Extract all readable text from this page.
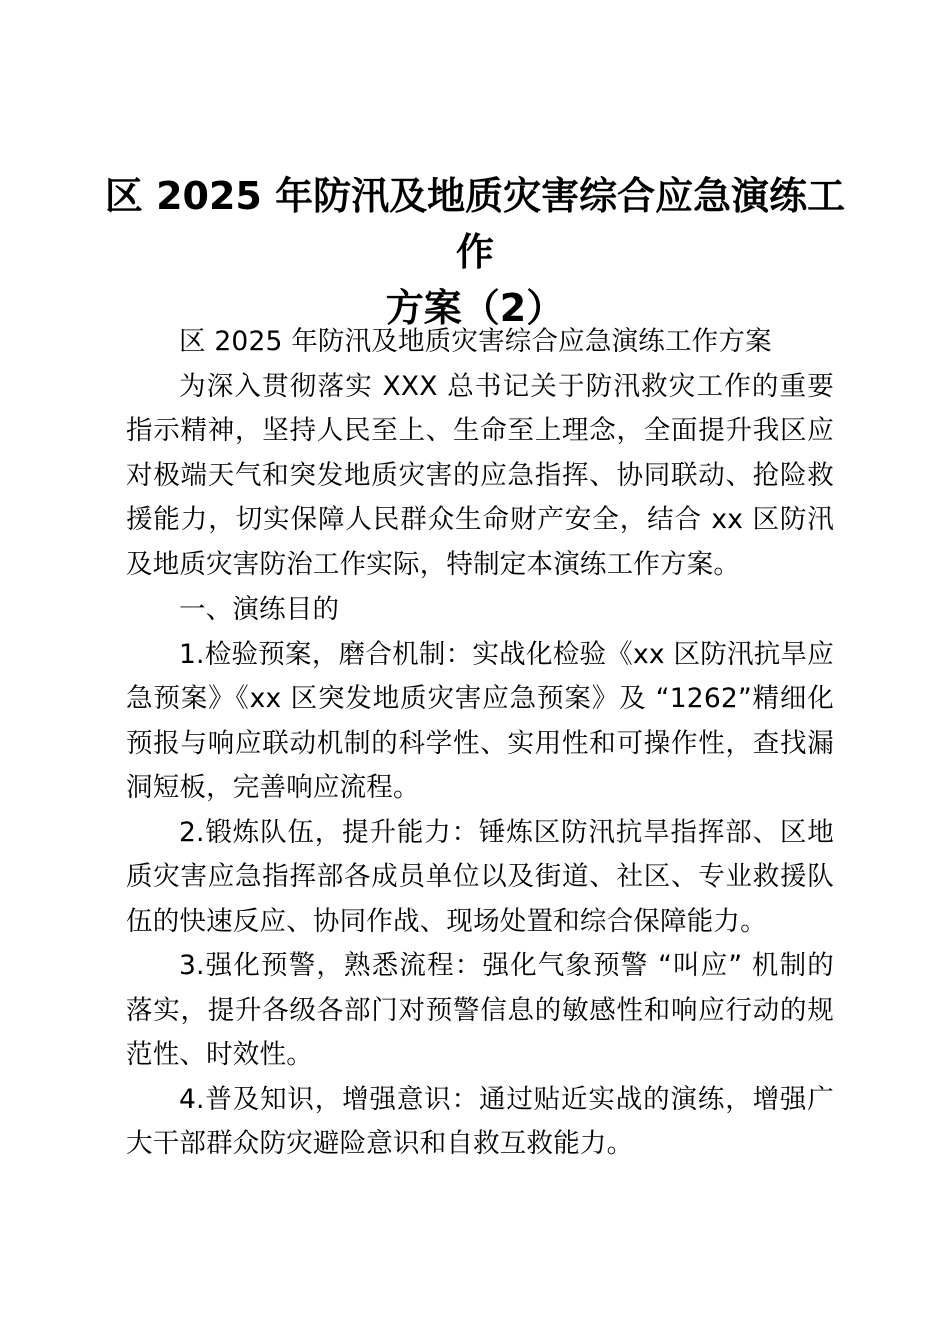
区 2025 年防汛及地质灾害综合应急演练工作
方案（2）

区 2025 年防汛及地质灾害综合应急演练工作方案

为深入贯彻落实 XXX 总书记关于防汛救灾工作的重要指示精神，坚持人民至上、生命至上理念，全面提升我区应对极端天气和突发地质灾害的应急指挥、协同联动、抢险救援能力，切实保障人民群众生命财产安全，结合 xx 区防汛及地质灾害防治工作实际，特制定本演练工作方案。

一、演练目的

1.检验预案，磨合机制：实战化检验《xx 区防汛抗旱应急预案》《xx 区突发地质灾害应急预案》及 “1262”精细化预报与响应联动机制的科学性、实用性和可操作性，查找漏洞短板，完善响应流程。

2.锻炼队伍，提升能力：锤炼区防汛抗旱指挥部、区地质灾害应急指挥部各成员单位以及街道、社区、专业救援队伍的快速反应、协同作战、现场处置和综合保障能力。

3.强化预警，熟悉流程：强化气象预警 “叫应” 机制的落实，提升各级各部门对预警信息的敏感性和响应行动的规范性、时效性。

4.普及知识，增强意识：通过贴近实战的演练，增强广大干部群众防灾避险意识和自救互救能力。
